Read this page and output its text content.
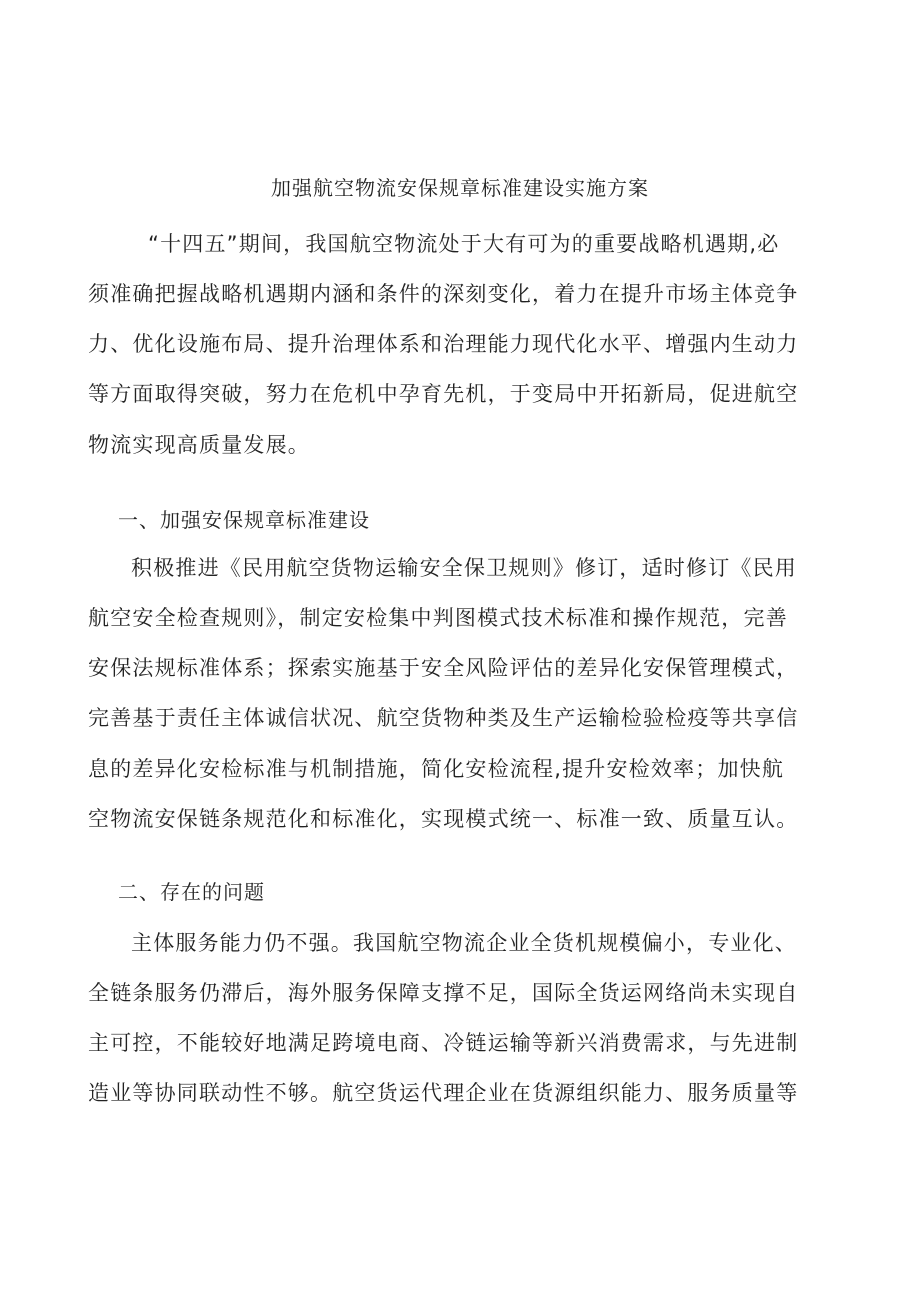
加强航空物流安保规章标准建设实施方案
“十四五”期间，我国航空物流处于大有可为的重要战略机遇期,必
须准确把握战略机遇期内涵和条件的深刻变化，着力在提升市场主体竞争
力、优化设施布局、提升治理体系和治理能力现代化水平、增强内生动力
等方面取得突破，努力在危机中孕育先机，于变局中开拓新局，促进航空
物流实现高质量发展。
一、加强安保规章标准建设
积极推进《民用航空货物运输安全保卫规则》修订，适时修订《民用
航空安全检查规则》，制定安检集中判图模式技术标准和操作规范，完善
安保法规标准体系；探索实施基于安全风险评估的差异化安保管理模式，
完善基于责任主体诚信状况、航空货物种类及生产运输检验检疫等共享信
息的差异化安检标准与机制措施，简化安检流程,提升安检效率；加快航
空物流安保链条规范化和标准化，实现模式统一、标准一致、质量互认。
二、存在的问题
主体服务能力仍不强。我国航空物流企业全货机规模偏小，专业化、
全链条服务仍滞后，海外服务保障支撑不足，国际全货运网络尚未实现自
主可控，不能较好地满足跨境电商、冷链运输等新兴消费需求，与先进制
造业等协同联动性不够。航空货运代理企业在货源组织能力、服务质量等
